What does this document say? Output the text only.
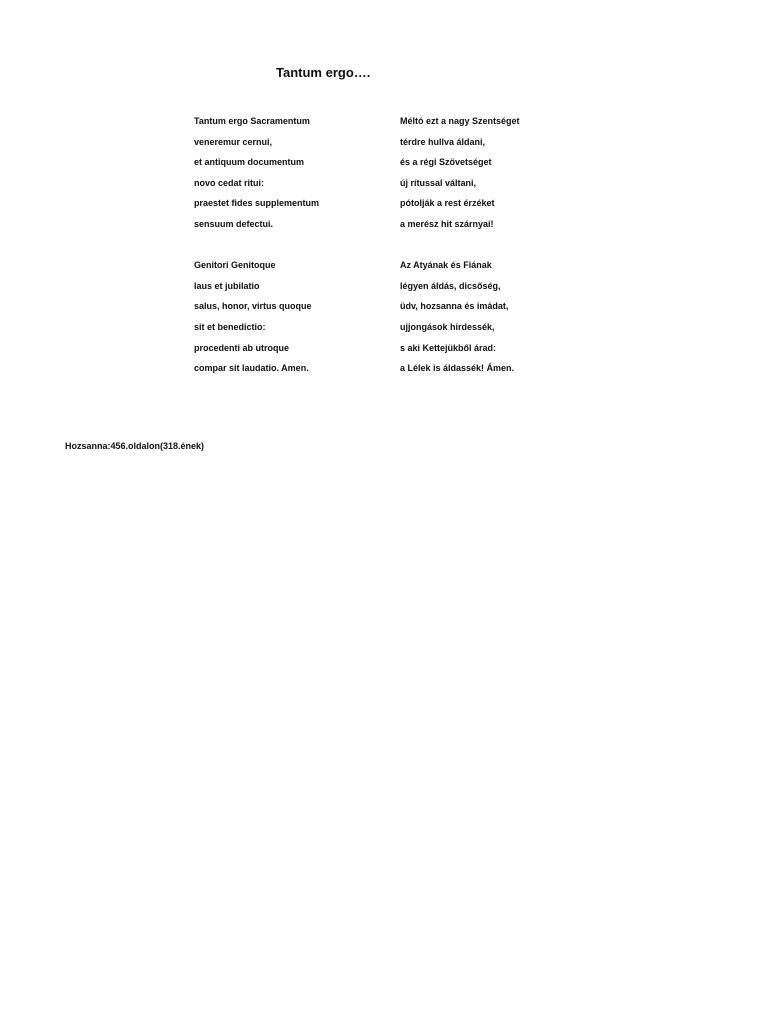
Tantum ergo….
Tantum ergo Sacramentum
veneremur cernui,
et antiquum documentum
novo cedat ritui:
praestet fides supplementum
sensuum defectui.
Genitori Genitoque
laus et jubilatio
salus, honor, virtus quoque
sit et benedictio:
procedenti ab utroque
compar sit laudatio. Amen.
Méltó ezt a nagy Szentséget
térdre hullva áldani,
és a régi Szövetséget
új rítussal váltani,
pótolják a rest érzéket
a merész hit szárnyai!
Az Atyának és Fiának
légyen áldás, dicsőség,
üdv, hozsanna és imádat,
ujjongások hirdessék,
s aki Kettejükből árad:
a Lélek is áldassék! Ámen.
Hozsanna:456.oldalon(318.ének)
